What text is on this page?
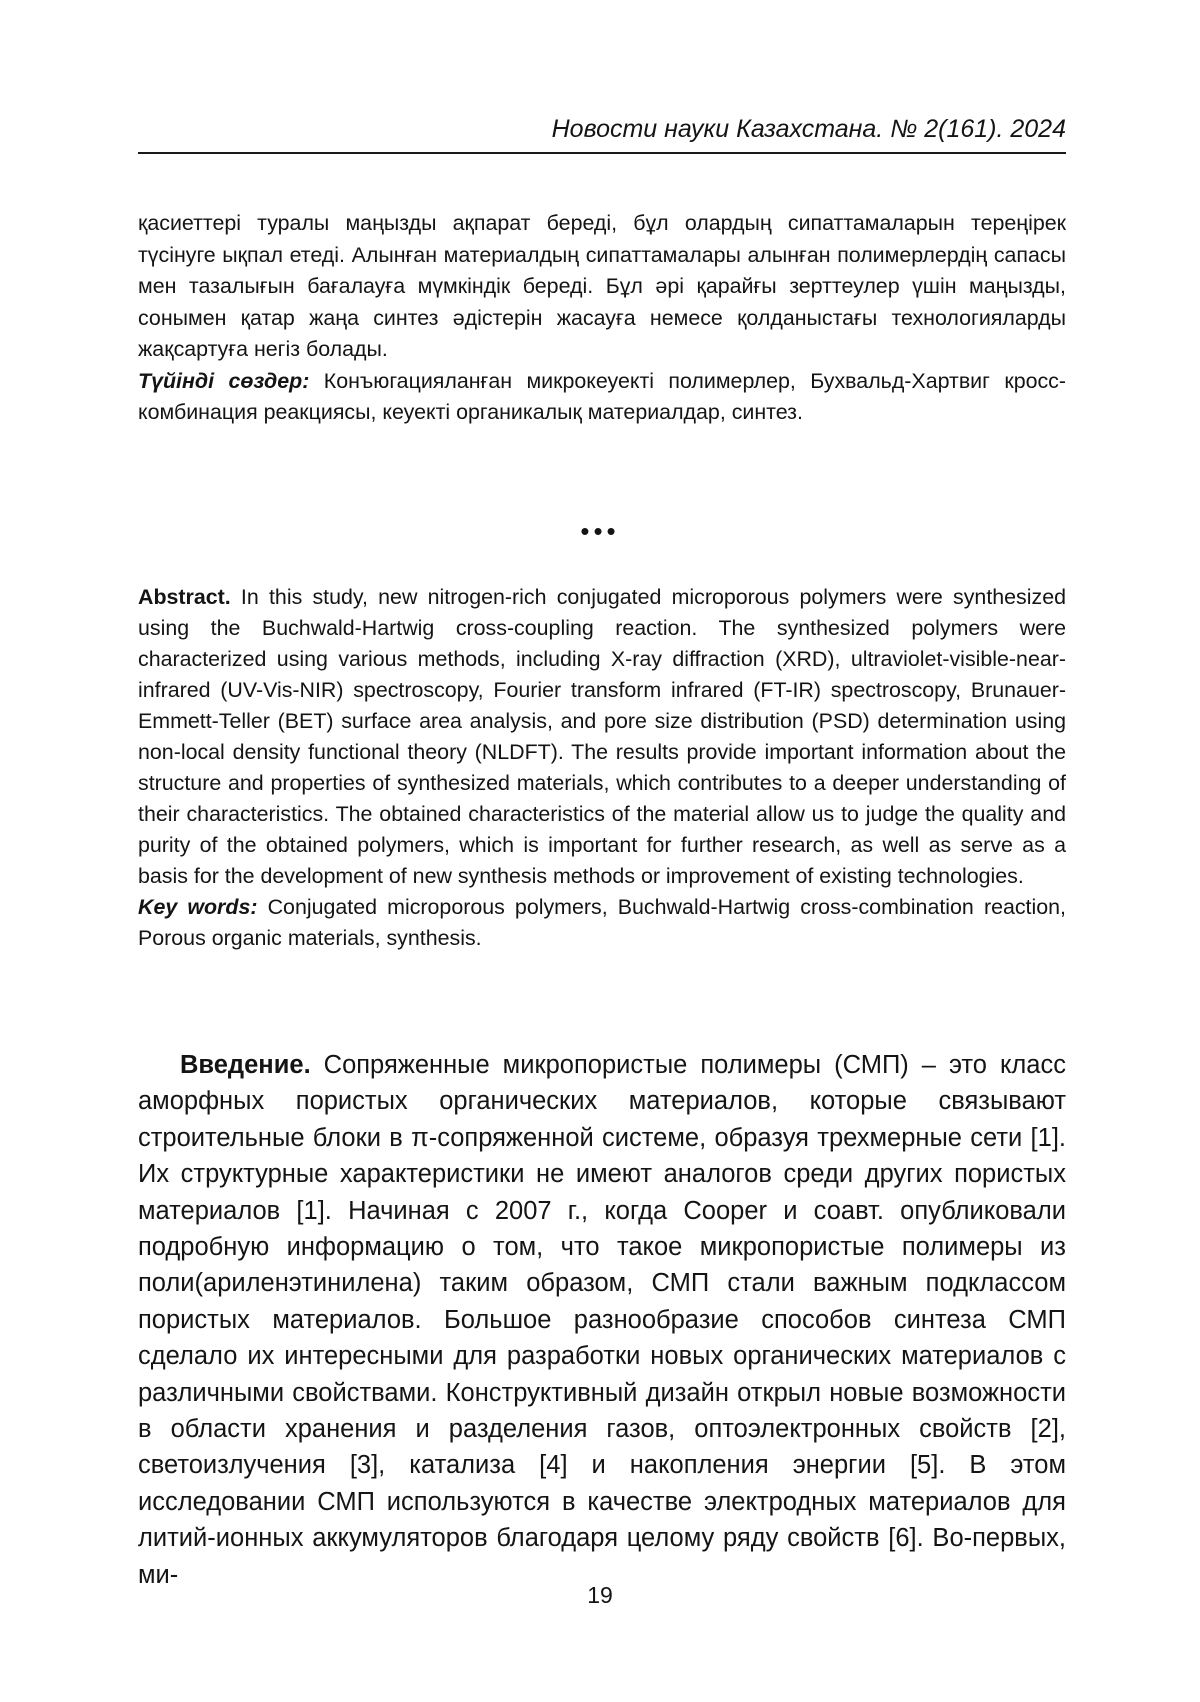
Новости науки Казахстана. № 2(161). 2024

қасиеттері туралы маңызды ақпарат береді, бұл олардың сипаттамаларын тереңірек түсінуге ықпал етеді. Алынған материалдың сипаттамалары алынған полимерлердің сапасы мен тазалығын бағалауға мүмкіндік береді. Бұл әрі қарайғы зерттеулер үшін маңызды, сонымен қатар жаңа синтез әдістерін жасауға немесе қолданыстағы технологияларды жақсартуға негіз болады.
Түйінді сөздер: Конъюгацияланған микрокеуекті полимерлер, Бухвальд-Хартвиг кросс-комбинация реакциясы, кеуекті органикалық материалдар, синтез.

•••

Abstract. In this study, new nitrogen-rich conjugated microporous polymers were synthesized using the Buchwald-Hartwig cross-coupling reaction. The synthesized polymers were characterized using various methods, including X-ray diffraction (XRD), ultraviolet-visible-near-infrared (UV-Vis-NIR) spectroscopy, Fourier transform infrared (FT-IR) spectroscopy, Brunauer-Emmett-Teller (BET) surface area analysis, and pore size distribution (PSD) determination using non-local density functional theory (NLDFT). The results provide important information about the structure and properties of synthesized materials, which contributes to a deeper understanding of their characteristics. The obtained characteristics of the material allow us to judge the quality and purity of the obtained polymers, which is important for further research, as well as serve as a basis for the development of new synthesis methods or improvement of existing technologies.
Key words: Conjugated microporous polymers, Buchwald-Hartwig cross-combination reaction, Porous organic materials, synthesis.

Введение. Сопряженные микропористые полимеры (СМП) – это класс аморфных пористых органических материалов, которые связывают строительные блоки в π-сопряженной системе, образуя трехмерные сети [1]. Их структурные характеристики не имеют аналогов среди других пористых материалов [1]. Начиная с 2007 г., когда Cooper и соавт. опубликовали подробную информацию о том, что такое микропористые полимеры из поли(ариленэтинилена) таким образом, СМП стали важным подклассом пористых материалов. Большое разнообразие способов синтеза СМП сделало их интересными для разработки новых органических материалов с различными свойствами. Конструктивный дизайн открыл новые возможности в области хранения и разделения газов, оптоэлектронных свойств [2], светоизлучения [3], катализа [4] и накопления энергии [5]. В этом исследовании СМП используются в качестве электродных материалов для литий-ионных аккумуляторов благодаря целому ряду свойств [6]. Во-первых, ми-

19
